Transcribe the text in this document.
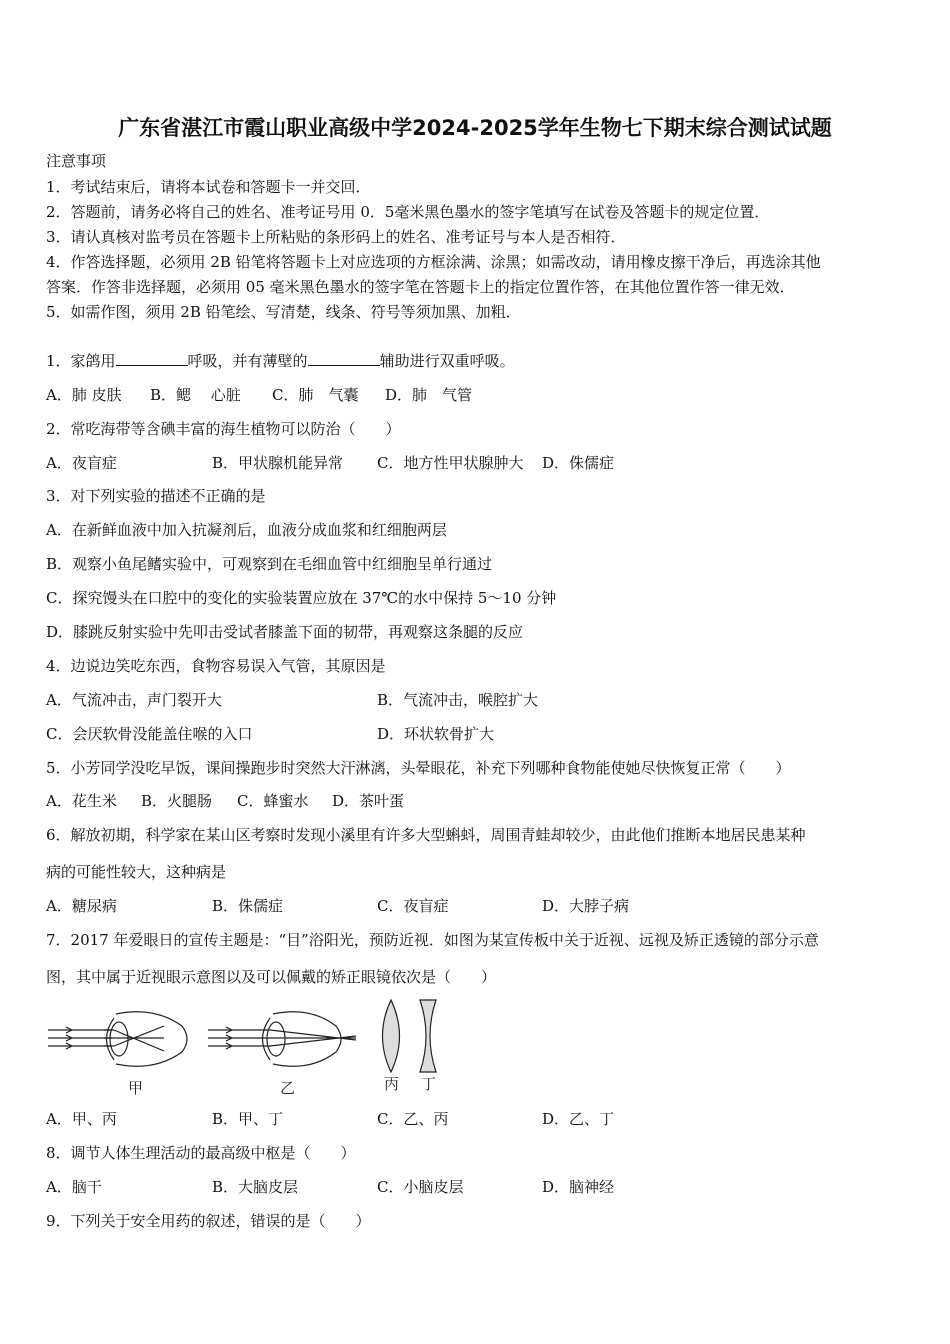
广东省湛江市霞山职业高级中学2024-2025学年生物七下期末综合测试试题
注意事项
1．考试结束后，请将本试卷和答题卡一并交回．
2．答题前，请务必将自己的姓名、准考证号用 0．5毫米黑色墨水的签字笔填写在试卷及答题卡的规定位置．
3．请认真核对监考员在答题卡上所粘贴的条形码上的姓名、准考证号与本人是否相符．
4．作答选择题，必须用 2B 铅笔将答题卡上对应选项的方框涂满、涂黑；如需改动，请用橡皮擦干净后，再选涂其他
答案．作答非选择题，必须用 05 毫米黑色墨水的签字笔在答题卡上的指定位置作答，在其他位置作答一律无效．
5．如需作图，须用 2B 铅笔绘、写清楚，线条、符号等须加黑、加粗．
1．家鸽用	呼吸，并有薄壁的	辅助进行双重呼吸。
A．肺 皮肤 B．鳃　 心脏 C．肺　气囊 D．肺　气管
2．常吃海带等含碘丰富的海生植物可以防治（　　）
A．夜盲症	B．甲状腺机能异常 C．地方性甲状腺肿大 D．侏儒症
3．对下列实验的描述不正确的是
A．在新鲜血液中加入抗凝剂后，血液分成血浆和红细胞两层
B．观察小鱼尾鳍实验中，可观察到在毛细血管中红细胞呈单行通过
C．探究馒头在口腔中的变化的实验装置应放在 37℃的水中保持 5～10 分钟
D．膝跳反射实验中先叩击受试者膝盖下面的韧带，再观察这条腿的反应
4．边说边笑吃东西，食物容易误入气管，其原因是
A．气流冲击，声门裂开大	B．气流冲击，喉腔扩大
C．会厌软骨没能盖住喉的入口	D．环状软骨扩大
5．小芳同学没吃早饭，课间操跑步时突然大汗淋漓，头晕眼花，补充下列哪种食物能使她尽快恢复正常（　　）
A．花生米 B．火腿肠 C．蜂蜜水 D．茶叶蛋
6．解放初期，科学家在某山区考察时发现小溪里有许多大型蝌蚪，周围青蛙却较少，由此他们推断本地居民患某种
病的可能性较大，这种病是
A．糖尿病	B．侏儒症	C．夜盲症	D．大脖子病
7．2017 年爱眼日的宣传主题是：“目”浴阳光，预防近视．如图为某宣传板中关于近视、远视及矫正透镜的部分示意
图，其中属于近视眼示意图以及可以佩戴的矫正眼镜依次是（　　）
甲	乙	丙 丁
A．甲、丙	B．甲、丁	C．乙、丙	D．乙、丁
8．调节人体生理活动的最高级中枢是（　　）
A．脑干	B．大脑皮层	C．小脑皮层	D．脑神经
9．下列关于安全用药的叙述，错误的是（　　）
